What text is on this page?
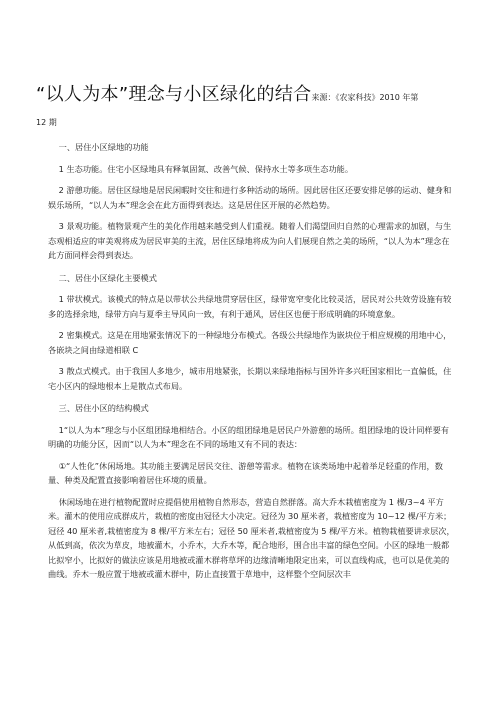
“以人为本”理念与小区绿化的结合来源：《农家科技》2010 年第
12 期

一、居住小区绿地的功能

1 生态功能。住宅小区绿地具有释氧固氮、改善气候、保持水土等多项生态功能。

2 游憩功能。居住区绿地是居民闲暇时交往和进行多种活动的场所。因此居住区还要安排足够的运动、健身和娱乐场所，“以人为本”理念会在此方面得到表达。这是居住区开展的必然趋势。

3 景观功能。植物景观产生的美化作用越来越受到人们重视。随着人们渴望回归自然的心理需求的加剧，与生态观相适应的审美观将成为居民审美的主流，居住区绿地将成为向人们展现自然之美的场所，“以人为本”理念在此方面同样会得到表达。

二、居住小区绿化主要模式

1 带状模式。该模式的特点是以带状公共绿地贯穿居住区，绿带宽窄变化比较灵活，居民对公共效劳设施有较多的选择余地，绿带方向与夏季主导风向一致，有利于通风，居住区也便于形成明确的环境意象。

2 密集模式。这是在用地紧张情况下的一种绿地分布模式。各级公共绿地作为嵌块位于相应规模的用地中心，各嵌块之间由绿道相联 C

3 散点式模式。由于我国人多地少，城市用地紧张，长期以来绿地指标与国外许多兴旺国家相比一直偏低，住宅小区内的绿地根本上是散点式布局。

三、居住小区的结构模式

1“以人为本”理念与小区组团绿地相结合。小区的组团绿地是居民户外游憩的场所。组团绿地的设计同样要有明确的功能分区，因而“以人为本”理念在不同的场地又有不同的表达：

①“人性化”休闲场地。其功能主要满足居民交往、游憩等需求。植物在该类场地中起着举足轻重的作用，数量、种类及配置直接影响着居住环境的质量。

休闲场地在进行植物配置时应提倡使用植物自然形态，营造自然群落。高大乔木栽植密度为 1 棵/3~4 平方米。灌木的使用应成群成片，栽植的密度由冠径大小决定。冠径为 30 厘米者，栽植密度为 10~12 棵/平方米；冠径 40 厘米者,栽植密度为 8 棵/平方米左右；冠径 50 厘米者,栽植密度为 5 棵/平方米。植物栽植要讲求层次，从低到高，依次为草皮，地被灌木，小乔木，大乔木等，配合地形，围合出丰富的绿色空间。小区的绿地一般都比拟窄小，比拟好的做法应该是用地被或灌木群将草坪的边缘清晰地限定出来，可以直线构成，也可以是优美的曲线。乔木一般应置于地被或灌木群中，防止直接置于草地中，这样整个空间层次丰
